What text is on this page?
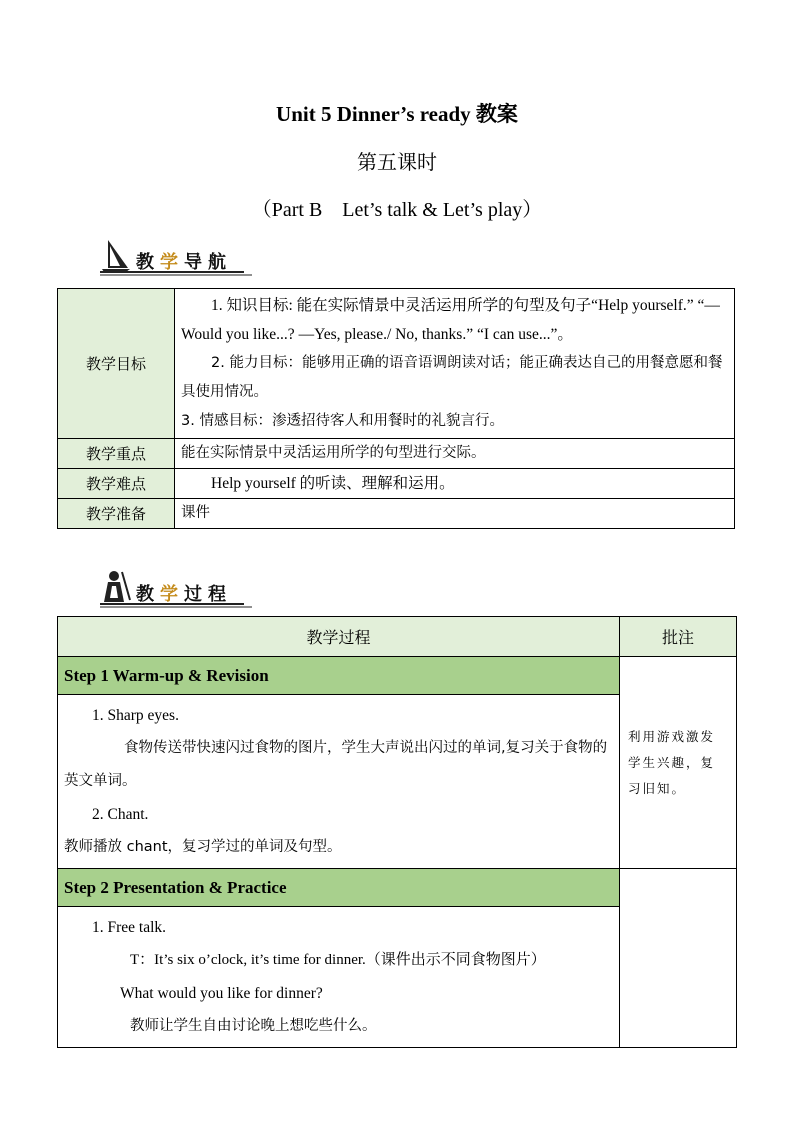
Unit 5 Dinner’s ready 教案
第五课时
（Part B　Let’s talk & Let’s play）
教学导航
教学目标	1. 知识目标: 能在实际情景中灵活运用所学的句型及句子“Help yourself.” “—Would you like...? —Yes, please./ No, thanks.” “I can use...”。
2. 能力目标：能够用正确的语音语调朗读对话；能正确表达自己的用餐意愿和餐具使用情况。
3. 情感目标：渗透招待客人和用餐时的礼貌言行。

教学重点	能在实际情景中灵活运用所学的句型进行交际。
教学难点	Help yourself 的听读、理解和运用。
教学准备	课件
教学过程
教学过程	批注
Step 1 Warm-up & Revision	利用游戏激发学生兴趣，复习旧知。

1. Sharp eyes.
食物传送带快速闪过食物的图片，学生大声说出闪过的单词,复习关于食物的英文单词。
2. Chant.
教师播放 chant，复习学过的单词及句型。	

Step 2 Presentation & Practice	

1. Free talk.
T：It’s six o’clock, it’s time for dinner.（课件出示不同食物图片）
What would you like for dinner?
教师让学生自由讨论晚上想吃些什么。	
